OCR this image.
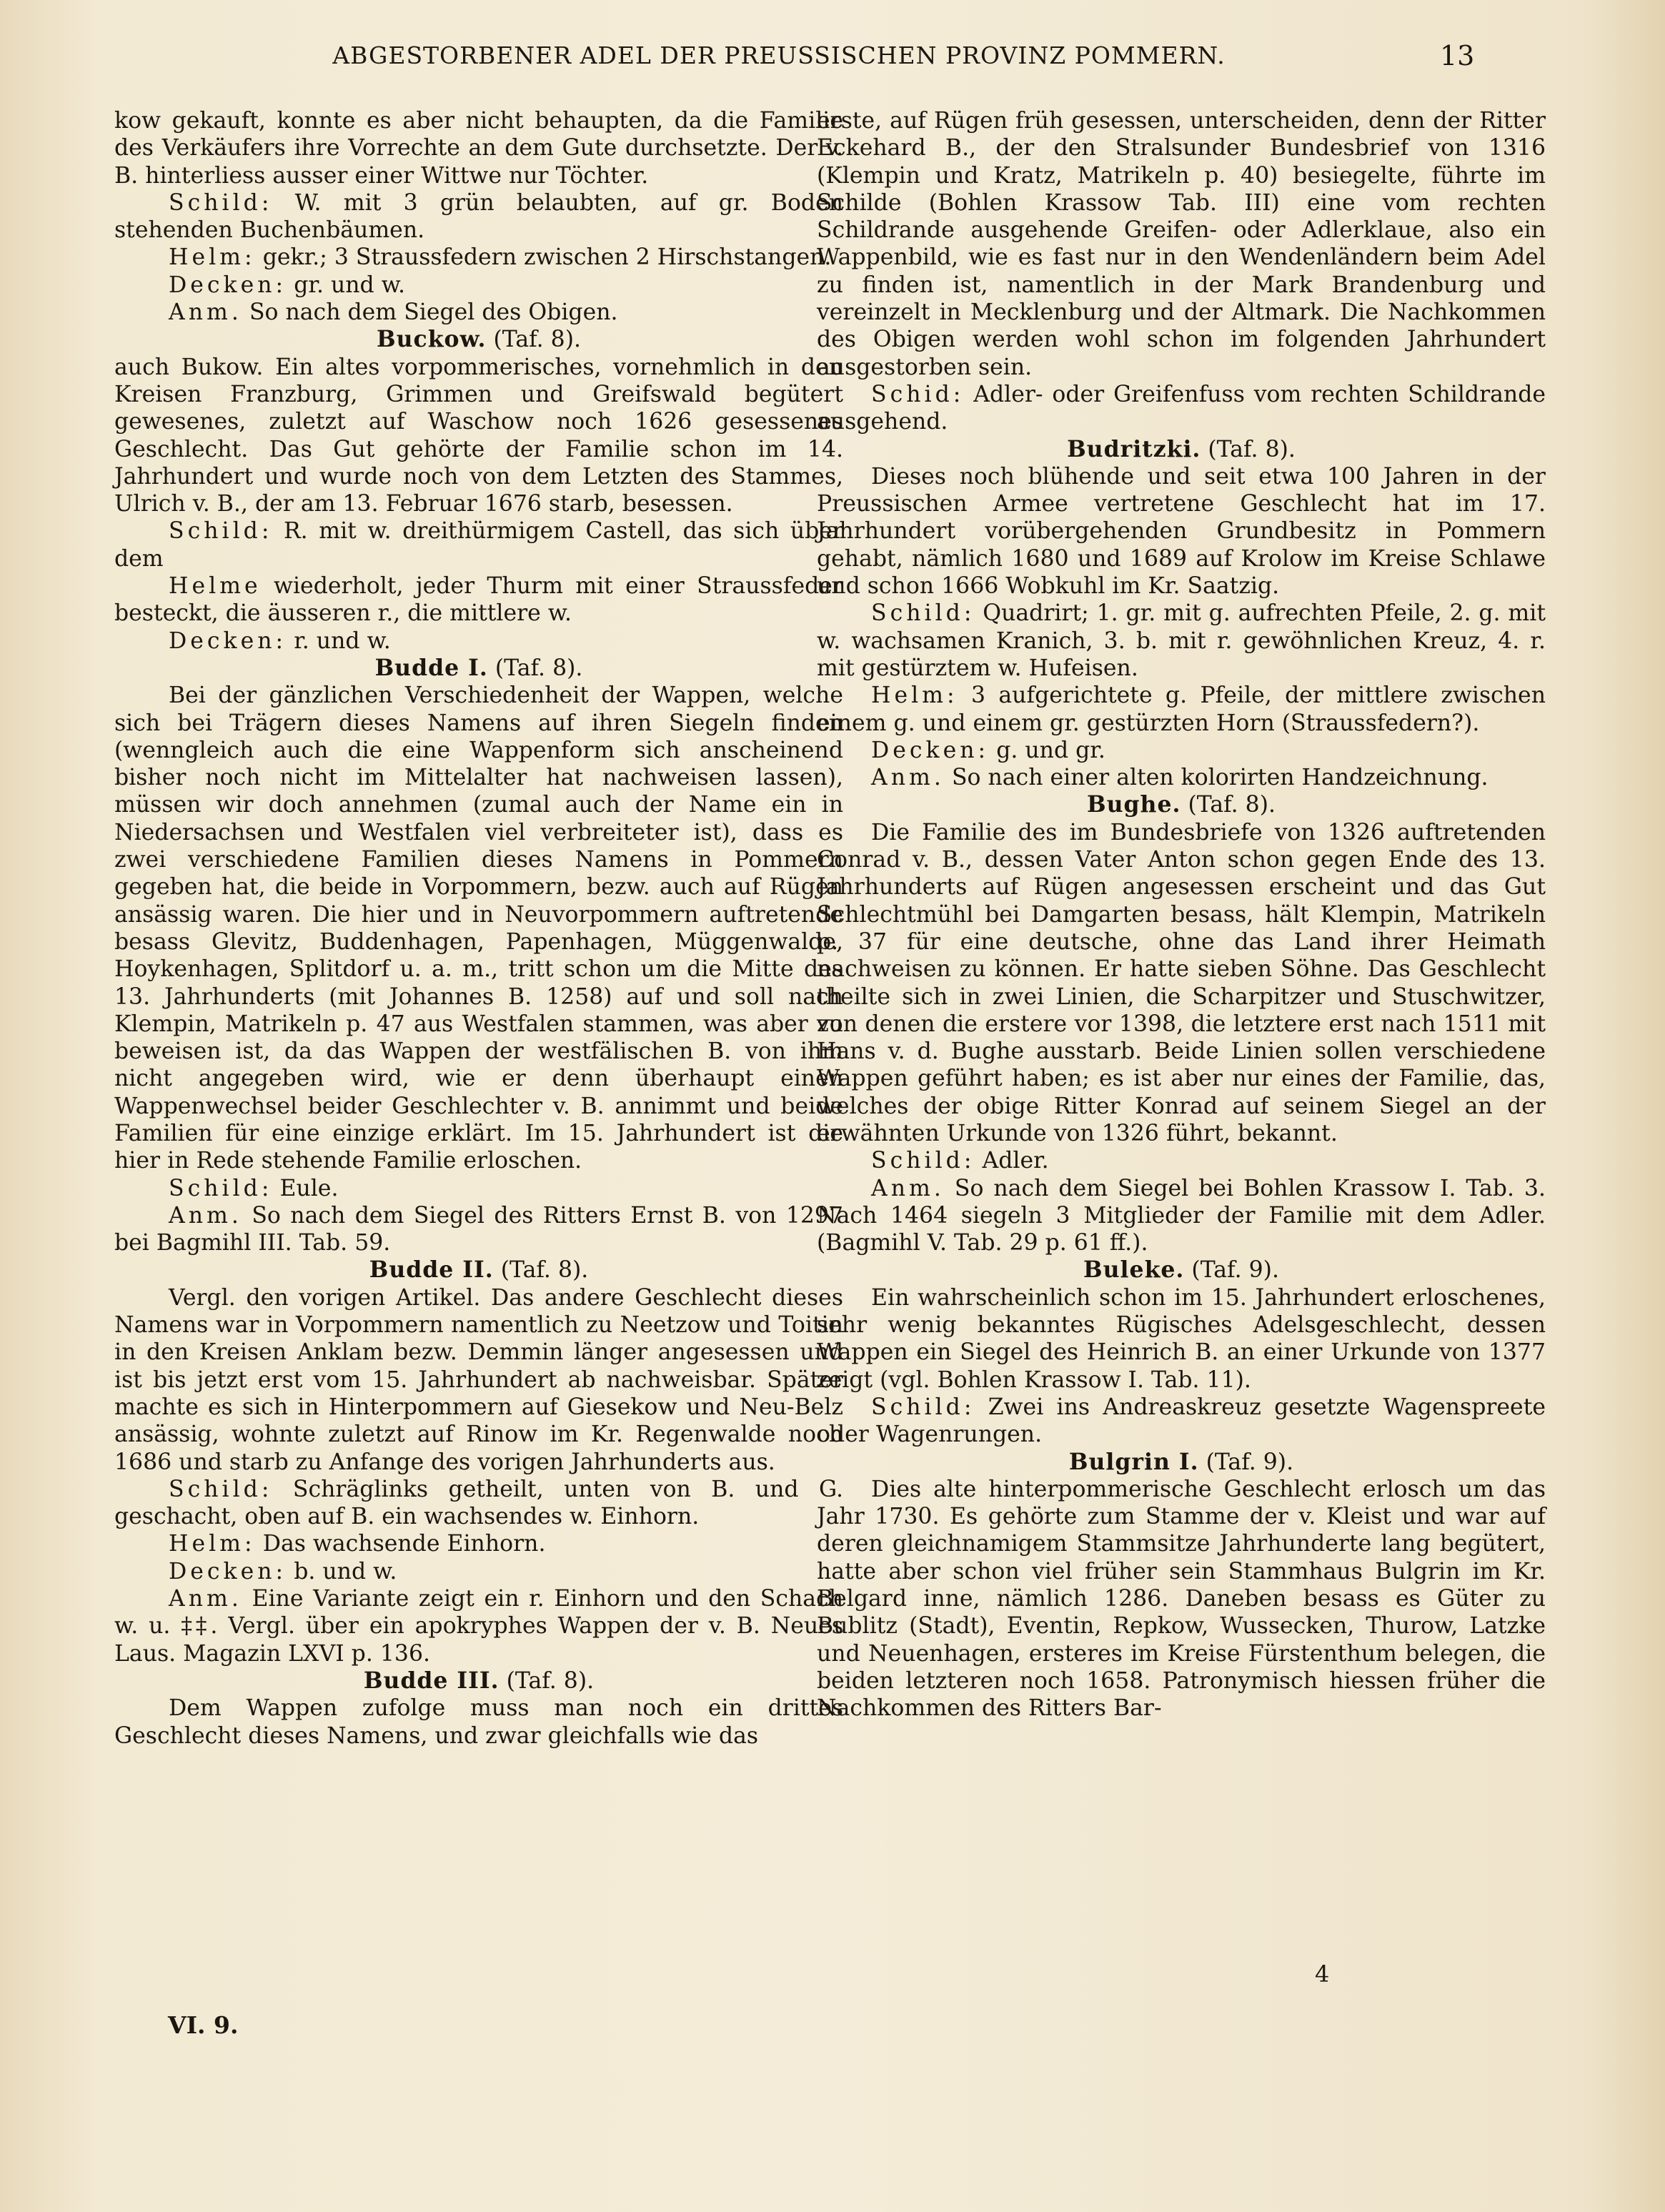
ABGESTORBENER ADEL DER PREUSSISCHEN PROVINZ POMMERN.	13

kow gekauft, konnte es aber nicht behaupten, da die Familie des Verkäufers ihre Vorrechte an dem Gute durchsetzte. Der v. B. hinterliess ausser einer Wittwe nur Töchter.

Schild: W. mit 3 grün belaubten, auf gr. Boden stehenden Buchenbäumen.

Helm: gekr.; 3 Straussfedern zwischen 2 Hirschstangen.

Decken: gr. und w.

Anm. So nach dem Siegel des Obigen.

Buckow. (Taf. 8).

auch Bukow. Ein altes vorpommerisches, vornehmlich in den Kreisen Franzburg, Grimmen und Greifswald begütert gewesenes, zuletzt auf Waschow noch 1626 gesessenes Geschlecht. Das Gut gehörte der Familie schon im 14. Jahrhundert und wurde noch von dem Letzten des Stammes, Ulrich v. B., der am 13. Februar 1676 starb, besessen.

Schild: R. mit w. dreithürmigem Castell, das sich über dem

Helme wiederholt, jeder Thurm mit einer Straussfeder besteckt, die äusseren r., die mittlere w.

Decken: r. und w.

Budde I. (Taf. 8).

Bei der gänzlichen Verschiedenheit der Wappen, welche sich bei Trägern dieses Namens auf ihren Siegeln finden (wenngleich auch die eine Wappenform sich anscheinend bisher noch nicht im Mittelalter hat nachweisen lassen), müssen wir doch annehmen (zumal auch der Name ein in Niedersachsen und Westfalen viel verbreiteter ist), dass es zwei verschiedene Familien dieses Namens in Pommern gegeben hat, die beide in Vorpommern, bezw. auch auf Rügen ansässig waren. Die hier und in Neuvorpommern auftretende besass Glevitz, Buddenhagen, Papenhagen, Müggenwalde, Hoykenhagen, Splitdorf u. a. m., tritt schon um die Mitte des 13. Jahrhunderts (mit Johannes B. 1258) auf und soll nach Klempin, Matrikeln p. 47 aus Westfalen stammen, was aber zu beweisen ist, da das Wappen der westfälischen B. von ihm nicht angegeben wird, wie er denn überhaupt einen Wappenwechsel beider Geschlechter v. B. annimmt und beide Familien für eine einzige erklärt. Im 15. Jahrhundert ist die hier in Rede stehende Familie erloschen.

Schild: Eule.

Anm. So nach dem Siegel des Ritters Ernst B. von 1297 bei Bagmihl III. Tab. 59.

Budde II. (Taf. 8).

Vergl. den vorigen Artikel. Das andere Geschlecht dieses Namens war in Vorpommern namentlich zu Neetzow und Toitin in den Kreisen Anklam bezw. Demmin länger angesessen und ist bis jetzt erst vom 15. Jahrhundert ab nachweisbar. Später machte es sich in Hinterpommern auf Giesekow und Neu-Belz ansässig, wohnte zuletzt auf Rinow im Kr. Regenwalde noch 1686 und starb zu Anfange des vorigen Jahrhunderts aus.

Schild: Schräglinks getheilt, unten von B. und G. geschacht, oben auf B. ein wachsendes w. Einhorn.

Helm: Das wachsende Einhorn.

Decken: b. und w.

Anm. Eine Variante zeigt ein r. Einhorn und den Schach w. u. ‡‡. Vergl. über ein apokryphes Wappen der v. B. Neues Laus. Magazin LXVI p. 136.

Budde III. (Taf. 8).

Dem Wappen zufolge muss man noch ein drittes Geschlecht dieses Namens, und zwar gleichfalls wie das

erste, auf Rügen früh gesessen, unterscheiden, denn der Ritter Eckehard B., der den Stralsunder Bundesbrief von 1316 (Klempin und Kratz, Matrikeln p. 40) besiegelte, führte im Schilde (Bohlen Krassow Tab. III) eine vom rechten Schildrande ausgehende Greifen- oder Adlerklaue, also ein Wappenbild, wie es fast nur in den Wendenländern beim Adel zu finden ist, namentlich in der Mark Brandenburg und vereinzelt in Mecklenburg und der Altmark. Die Nachkommen des Obigen werden wohl schon im folgenden Jahrhundert ausgestorben sein.

Schid: Adler- oder Greifenfuss vom rechten Schildrande ausgehend.

Budritzki. (Taf. 8).

Dieses noch blühende und seit etwa 100 Jahren in der Preussischen Armee vertretene Geschlecht hat im 17. Jahrhundert vorübergehenden Grundbesitz in Pommern gehabt, nämlich 1680 und 1689 auf Krolow im Kreise Schlawe und schon 1666 Wobkuhl im Kr. Saatzig.

Schild: Quadrirt; 1. gr. mit g. aufrechten Pfeile, 2. g. mit w. wachsamen Kranich, 3. b. mit r. gewöhnlichen Kreuz, 4. r. mit gestürztem w. Hufeisen.

Helm: 3 aufgerichtete g. Pfeile, der mittlere zwischen einem g. und einem gr. gestürzten Horn (Straussfedern?).

Decken: g. und gr.

Anm. So nach einer alten kolorirten Handzeichnung.

Bughe. (Taf. 8).

Die Familie des im Bundesbriefe von 1326 auftretenden Conrad v. B., dessen Vater Anton schon gegen Ende des 13. Jahrhunderts auf Rügen angesessen erscheint und das Gut Schlechtmühl bei Damgarten besass, hält Klempin, Matrikeln p. 37 für eine deutsche, ohne das Land ihrer Heimath nachweisen zu können. Er hatte sieben Söhne. Das Geschlecht theilte sich in zwei Linien, die Scharpitzer und Stuschwitzer, von denen die erstere vor 1398, die letztere erst nach 1511 mit Hans v. d. Bughe ausstarb. Beide Linien sollen verschiedene Wappen geführt haben; es ist aber nur eines der Familie, das, welches der obige Ritter Konrad auf seinem Siegel an der erwähnten Urkunde von 1326 führt, bekannt.

Schild: Adler.

Anm. So nach dem Siegel bei Bohlen Krassow I. Tab. 3. Nach 1464 siegeln 3 Mitglieder der Familie mit dem Adler. (Bagmihl V. Tab. 29 p. 61 ff.).

Buleke. (Taf. 9).

Ein wahrscheinlich schon im 15. Jahrhundert erloschenes, sehr wenig bekanntes Rügisches Adelsgeschlecht, dessen Wappen ein Siegel des Heinrich B. an einer Urkunde von 1377 zeigt (vgl. Bohlen Krassow I. Tab. 11).

Schild: Zwei ins Andreaskreuz gesetzte Wagenspreete oder Wagenrungen.

Bulgrin I. (Taf. 9).

Dies alte hinterpommerische Geschlecht erlosch um das Jahr 1730. Es gehörte zum Stamme der v. Kleist und war auf deren gleichnamigem Stammsitze Jahrhunderte lang begütert, hatte aber schon viel früher sein Stammhaus Bulgrin im Kr. Belgard inne, nämlich 1286. Daneben besass es Güter zu Bublitz (Stadt), Eventin, Repkow, Wussecken, Thurow, Latzke und Neuenhagen, ersteres im Kreise Fürstenthum belegen, die beiden letzteren noch 1658. Patronymisch hiessen früher die Nachkommen des Ritters Bar-

4
VI. 9.
